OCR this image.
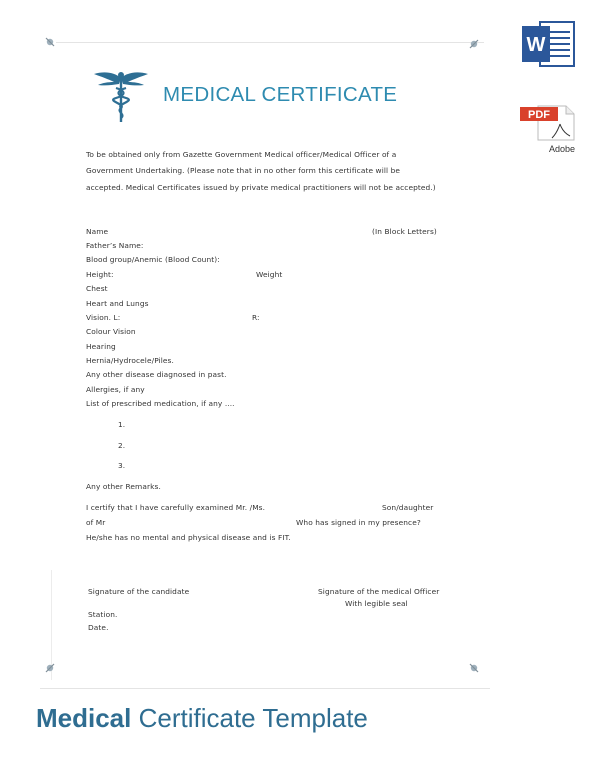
MEDICAL CERTIFICATE
W
PDF
Adobe
To be obtained only from Gazette Government Medical officer/Medical Officer of a
Government Undertaking. (Please note that in no other form this certificate will be
accepted. Medical Certificates issued by private medical practitioners will not be accepted.)
Name	(In Block Letters)
Father’s Name:
Blood group/Anemic (Blood Count):
Height:	Weight
Chest
Heart and Lungs
Vision. L:	R:
Colour Vision
Hearing
Hernia/Hydrocele/Piles.
Any other disease diagnosed in past.
Allergies, if any
List of prescribed medication, if any ....
1.
2.
3.
Any other Remarks.
I certify that I have carefully examined Mr. /Ms.	Son/daughter
of Mr	Who has signed in my presence?
He/she has no mental and physical disease and is FIT.
Signature of the candidate	Signature of the medical Officer
With legible seal
Station.
Date.
Medical Certificate Template
